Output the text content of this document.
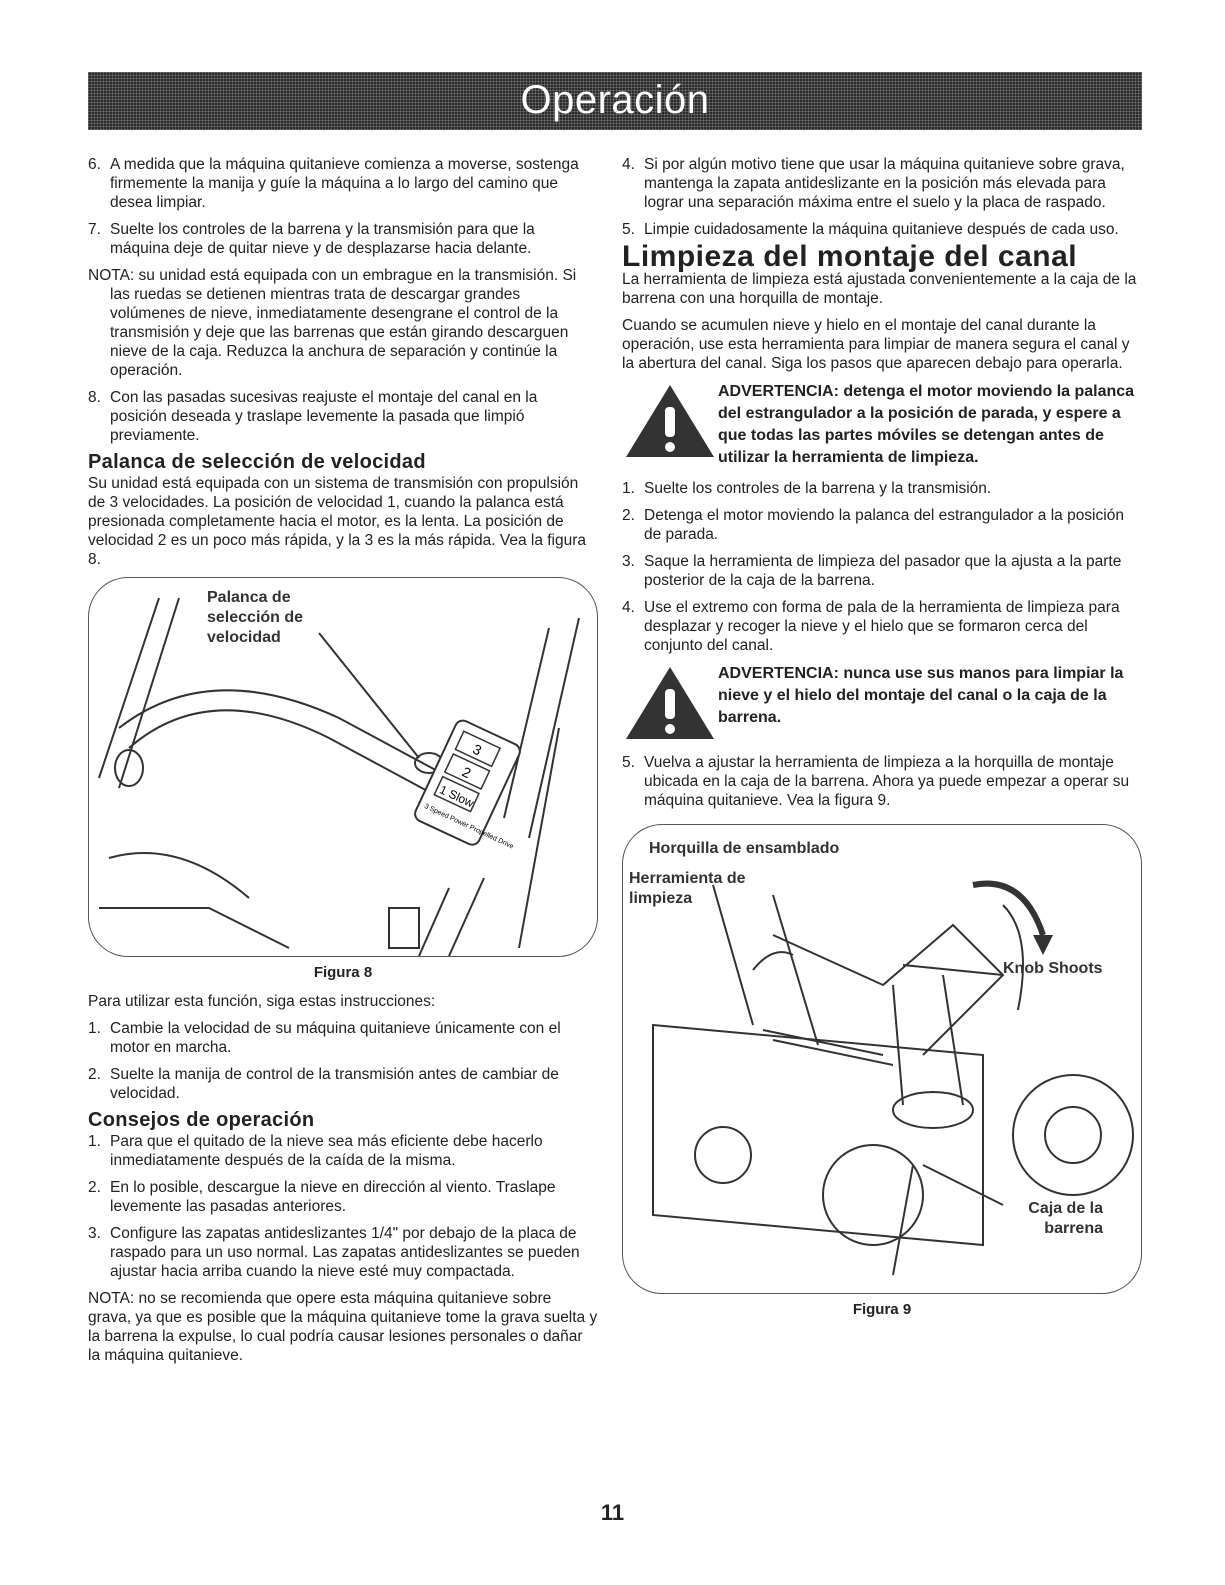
Operación
6. A medida que la máquina quitanieve comienza a moverse, sostenga firmemente la manija y guíe la máquina a lo largo del camino que desea limpiar.
7. Suelte los controles de la barrena y la transmisión para que la máquina deje de quitar nieve y de desplazarse hacia delante.
NOTA: su unidad está equipada con un embrague en la transmisión. Si
las ruedas se detienen mientras trata de descargar grandes volúmenes de nieve, inmediatamente desengrane el control de la transmisión y deje que las barrenas que están girando descarguen nieve de la caja. Reduzca la anchura de separación y continúe la operación.
8. Con las pasadas sucesivas reajuste el montaje del canal en la posición deseada y traslape levemente la pasada que limpió previamente.
Palanca de selección de velocidad

Su unidad está equipada con un sistema de transmisión con propulsión de 3 velocidades. La posición de velocidad 1, cuando la palanca está presionada completamente hacia el motor, es la lenta. La posición de velocidad 2 es un poco más rápida, y la 3 es la más rápida. Vea la figura 8.

3
2
1 Slow
3 Speed Power Propelled Drive
Palanca de selección de velocidad
Figura 8

Para utilizar esta función, siga estas instrucciones:

1. Cambie la velocidad de su máquina quitanieve únicamente con el motor en marcha.
2. Suelte la manija de control de la transmisión antes de cambiar de velocidad.
Consejos de operación
1. Para que el quitado de la nieve sea más eficiente debe hacerlo inmediatamente después de la caída de la misma.
2. En lo posible, descargue la nieve en dirección al viento. Traslape levemente las pasadas anteriores.
3. Configure las zapatas antideslizantes 1/4" por debajo de la placa de raspado para un uso normal. Las zapatas antideslizantes se pueden ajustar hacia arriba cuando la nieve esté muy compactada.

NOTA: no se recomienda que opere esta máquina quitanieve sobre grava, ya que es posible que la máquina quitanieve tome la grava suelta y la barrena la expulse, lo cual podría causar lesiones personales o dañar la máquina quitanieve.

4. Si por algún motivo tiene que usar la máquina quitanieve sobre grava, mantenga la zapata antideslizante en la posición más elevada para lograr una separación máxima entre el suelo y la placa de raspado.
5. Limpie cuidadosamente la máquina quitanieve después de cada uso.
Limpieza del montaje del canal

La herramienta de limpieza está ajustada convenientemente a la caja de la barrena con una horquilla de montaje.

Cuando se acumulen nieve y hielo en el montaje del canal durante la operación, use esta herramienta para limpiar de manera segura el canal y la abertura del canal. Siga los pasos que aparecen debajo para operarla.

ADVERTENCIA: detenga el motor moviendo la palanca del estrangulador a la posición de parada, y espere a que todas las partes móviles se detengan antes de utilizar la herramienta de limpieza.
1. Suelte los controles de la barrena y la transmisión.
2. Detenga el motor moviendo la palanca del estrangulador a la posición de parada.
3. Saque la herramienta de limpieza del pasador que la ajusta a la parte posterior de la caja de la barrena.
4. Use el extremo con forma de pala de la herramienta de limpieza para desplazar y recoger la nieve y el hielo que se formaron cerca del conjunto del canal.
ADVERTENCIA: nunca use sus manos para limpiar la nieve y el hielo del montaje del canal o la caja de la barrena.
5. Vuelva a ajustar la herramienta de limpieza a la horquilla de montaje ubicada en la caja de la barrena. Ahora ya puede empezar a operar su máquina quitanieve. Vea la figura 9.
Horquilla de ensamblado
Herramienta de limpieza
Knob Shoots
Caja de la barrena
Figura 9
11
